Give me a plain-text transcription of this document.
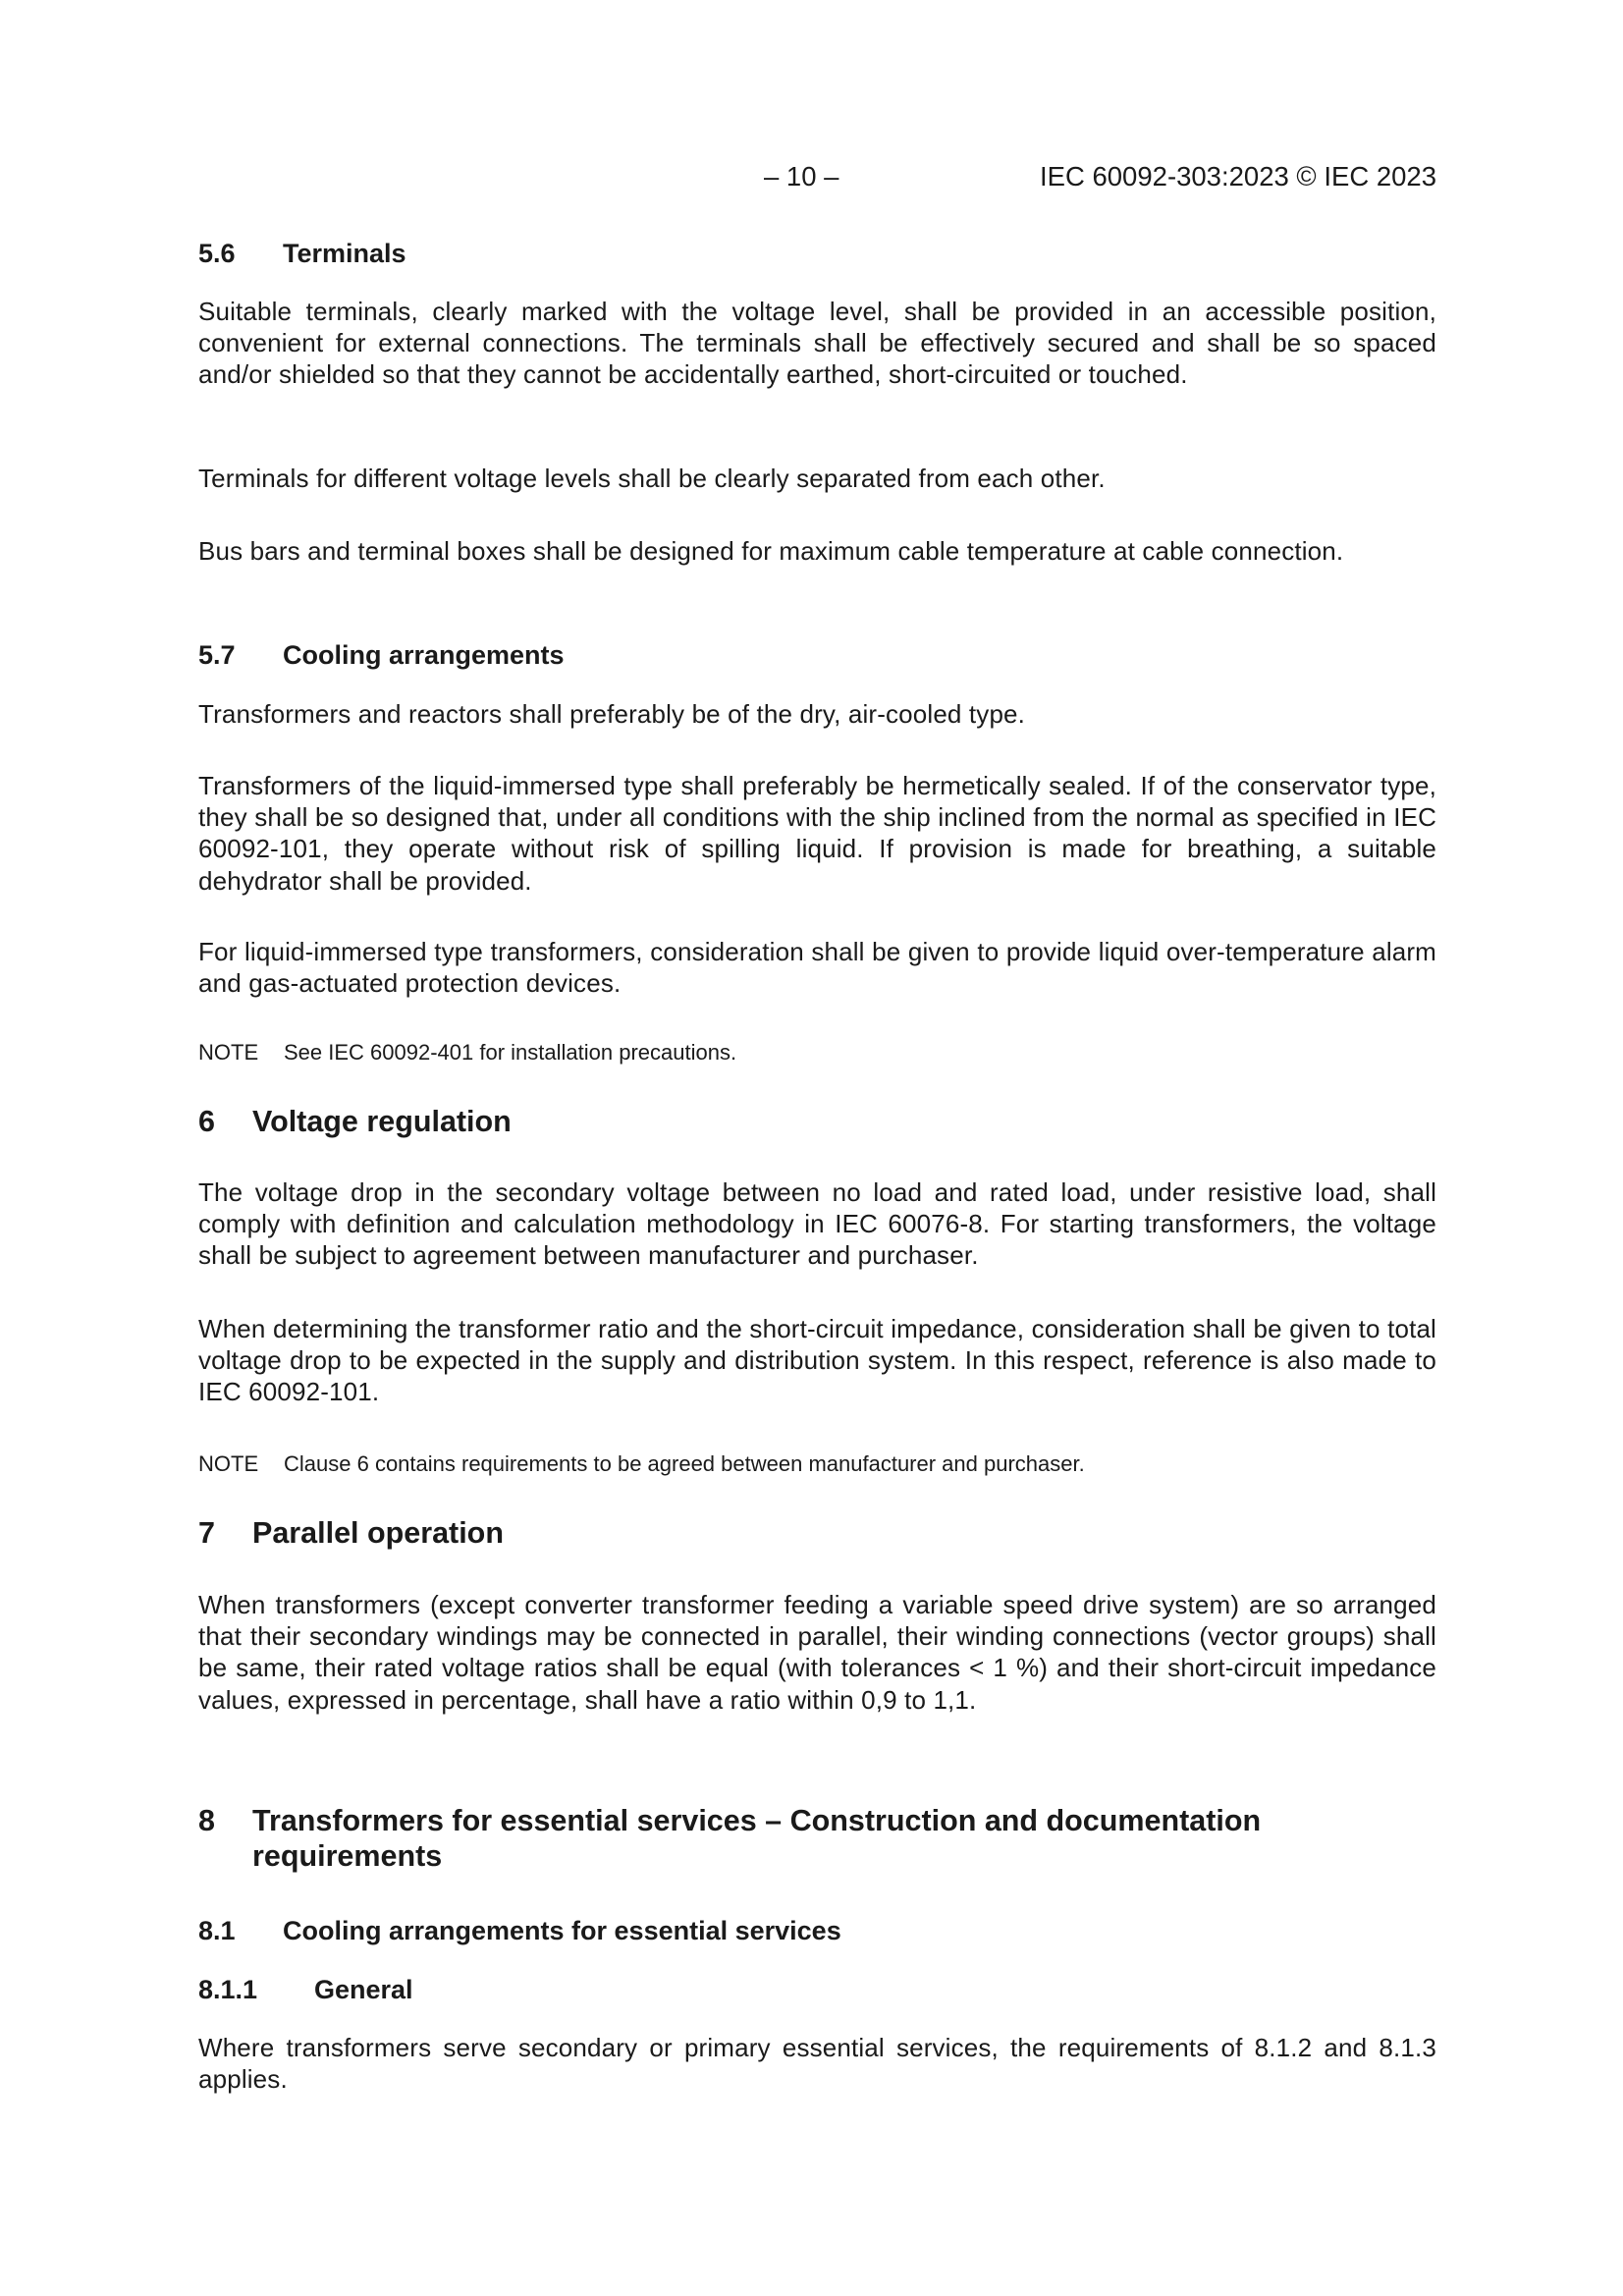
– 10 –	IEC 60092-303:2023 © IEC 2023

5.6 Terminals

Suitable terminals, clearly marked with the voltage level, shall be provided in an accessible position, convenient for external connections. The terminals shall be effectively secured and shall be so spaced and/or shielded so that they cannot be accidentally earthed, short-circuited or touched.

Terminals for different voltage levels shall be clearly separated from each other.

Bus bars and terminal boxes shall be designed for maximum cable temperature at cable connection.

5.7 Cooling arrangements

Transformers and reactors shall preferably be of the dry, air-cooled type.

Transformers of the liquid-immersed type shall preferably be hermetically sealed. If of the conservator type, they shall be so designed that, under all conditions with the ship inclined from the normal as specified in IEC 60092-101, they operate without risk of spilling liquid. If provision is made for breathing, a suitable dehydrator shall be provided.

For liquid-immersed type transformers, consideration shall be given to provide liquid over-temperature alarm and gas-actuated protection devices.

NOTE See IEC 60092-401 for installation precautions.

6 Voltage regulation

The voltage drop in the secondary voltage between no load and rated load, under resistive load, shall comply with definition and calculation methodology in IEC 60076-8. For starting transformers, the voltage shall be subject to agreement between manufacturer and purchaser.

When determining the transformer ratio and the short-circuit impedance, consideration shall be given to total voltage drop to be expected in the supply and distribution system. In this respect, reference is also made to IEC 60092-101.

NOTE Clause 6 contains requirements to be agreed between manufacturer and purchaser.

7 Parallel operation

When transformers (except converter transformer feeding a variable speed drive system) are so arranged that their secondary windings may be connected in parallel, their winding connections (vector groups) shall be same, their rated voltage ratios shall be equal (with tolerances < 1 %) and their short-circuit impedance values, expressed in percentage, shall have a ratio within 0,9 to 1,1.

8 Transformers for essential services – Construction and documentation requirements

8.1 Cooling arrangements for essential services

8.1.1 General

Where transformers serve secondary or primary essential services, the requirements of 8.1.2 and 8.1.3 applies.
